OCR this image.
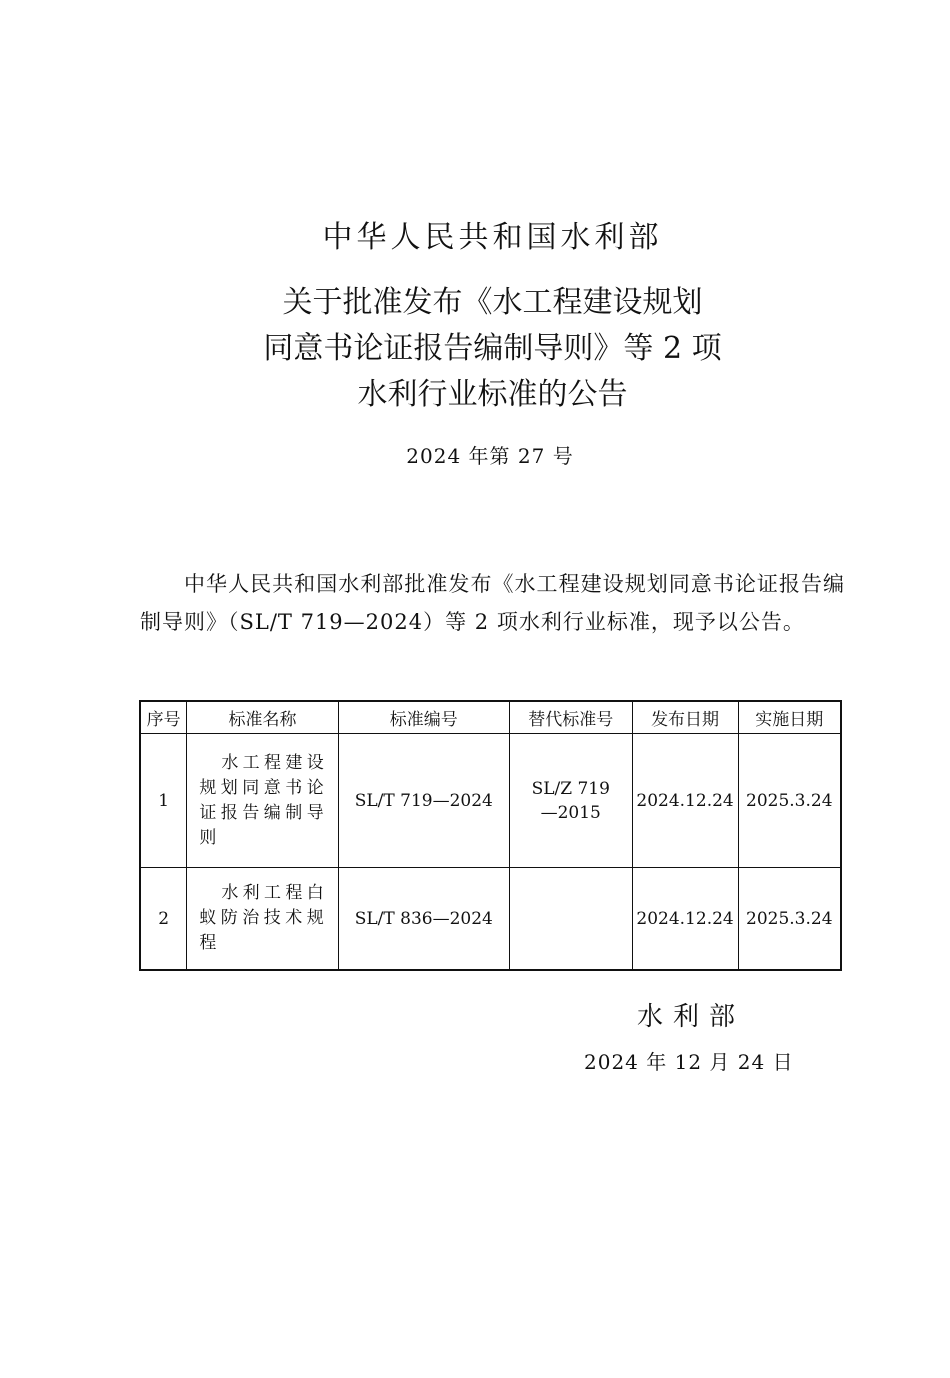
中华人民共和国水利部
关于批准发布《水工程建设规划
同意书论证报告编制导则》等 2 项
水利行业标准的公告
2024 年第 27 号

中华人民共和国水利部批准发布《水工程建设规划同意书论证报告编制导则》（SL/T 719—2024）等 2 项水利行业标准，现予以公告。

序号	标准名称	标准编号	替代标准号	发布日期	实施日期
1	水工程建设规划同意书论证报告编制导则	SL/T 719—2024	SL/Z 719—2015	2024.12.24	2025.3.24
2	水利工程白蚁防治技术规程	SL/T 836—2024		2024.12.24	2025.3.24
水利部
2024 年 12 月 24 日
